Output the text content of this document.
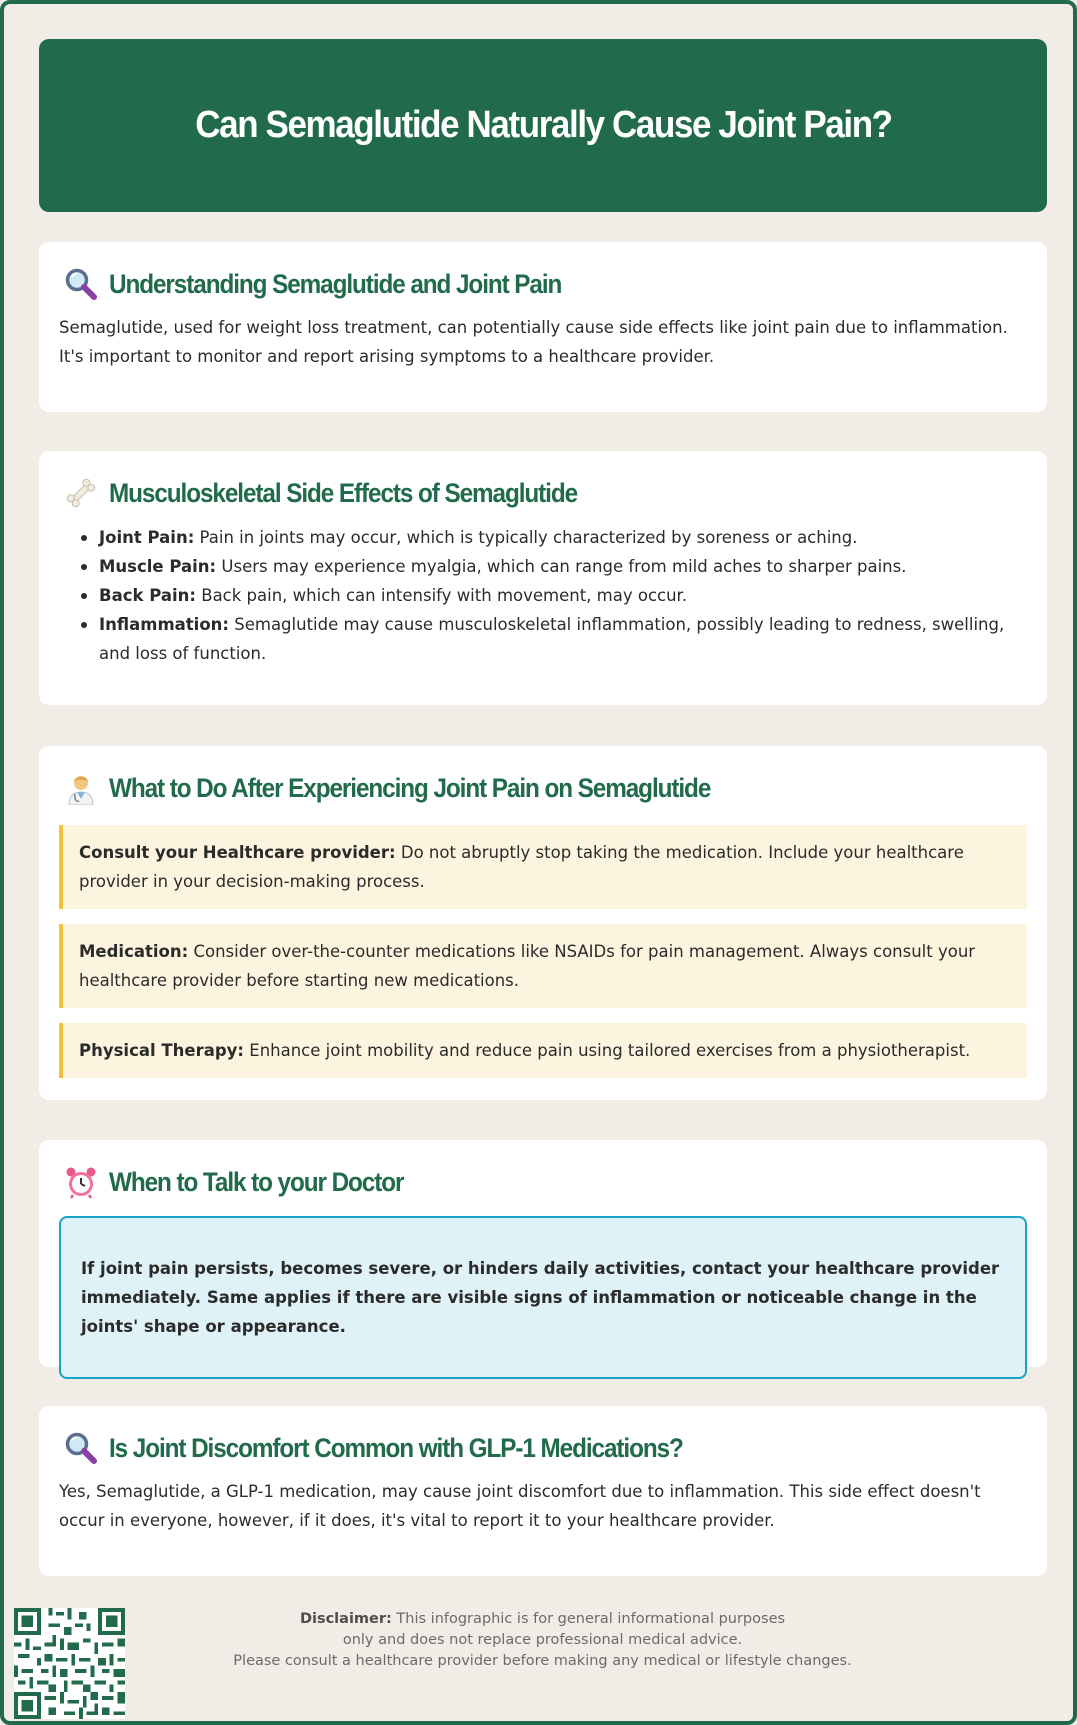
Can Semaglutide Naturally Cause Joint Pain?
Understanding Semaglutide and Joint Pain

Semaglutide, used for weight loss treatment, can potentially cause side effects like joint pain due to inflammation. It's important to monitor and report arising symptoms to a healthcare provider.

Musculoskeletal Side Effects of Semaglutide
Joint Pain: Pain in joints may occur, which is typically characterized by soreness or aching.
Muscle Pain: Users may experience myalgia, which can range from mild aches to sharper pains.
Back Pain: Back pain, which can intensify with movement, may occur.
Inflammation: Semaglutide may cause musculoskeletal inflammation, possibly leading to redness, swelling, and loss of function.
What to Do After Experiencing Joint Pain on Semaglutide
Consult your Healthcare provider: Do not abruptly stop taking the medication. Include your healthcare provider in your decision-making process.
Medication: Consider over-the-counter medications like NSAIDs for pain management. Always consult your healthcare provider before starting new medications.
Physical Therapy: Enhance joint mobility and reduce pain using tailored exercises from a physiotherapist.
When to Talk to your Doctor
If joint pain persists, becomes severe, or hinders daily activities, contact your healthcare provider immediately. Same applies if there are visible signs of inflammation or noticeable change in the joints' shape or appearance.
Is Joint Discomfort Common with GLP-1 Medications?

Yes, Semaglutide, a GLP-1 medication, may cause joint discomfort due to inflammation. This side effect doesn't occur in everyone, however, if it does, it's vital to report it to your healthcare provider.

Disclaimer: This infographic is for general informational purposes
only and does not replace professional medical advice.
Please consult a healthcare provider before making any medical or lifestyle changes.
